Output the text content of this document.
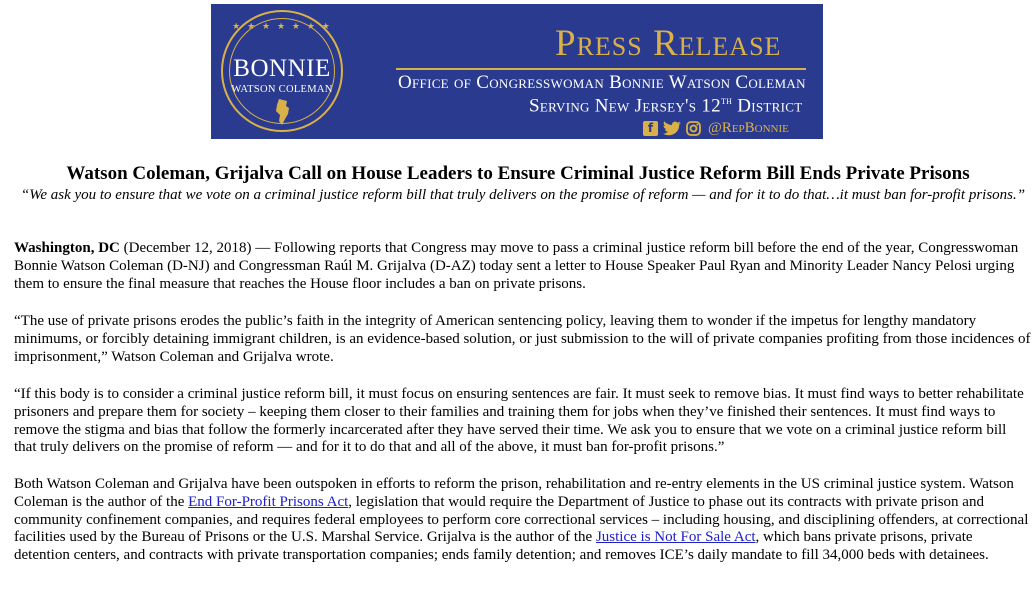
★ ★ ★ ★ ★ ★ ★
BONNIE
WATSON COLEMAN
Press Release
Office of Congresswoman Bonnie Watson Coleman
Serving New Jersey's 12th District
f	@RepBonnie
Watson Coleman, Grijalva Call on House Leaders to Ensure Criminal Justice Reform Bill Ends Private Prisons
“We ask you to ensure that we vote on a criminal justice reform bill that truly delivers on the promise of reform — and for it to do that…it must ban for-profit prisons.”

Washington, DC (December 12, 2018) — Following reports that Congress may move to pass a criminal justice reform bill before the end of the year, Congresswoman Bonnie Watson Coleman (D-NJ) and Congressman Raúl M. Grijalva (D-AZ) today sent a letter to House Speaker Paul Ryan and Minority Leader Nancy Pelosi urging them to ensure the final measure that reaches the House floor includes a ban on private prisons.

“The use of private prisons erodes the public’s faith in the integrity of American sentencing policy, leaving them to wonder if the impetus for lengthy mandatory minimums, or forcibly detaining immigrant children, is an evidence-based solution, or just submission to the will of private companies profiting from those incidences of imprisonment,” Watson Coleman and Grijalva wrote.

“If this body is to consider a criminal justice reform bill, it must focus on ensuring sentences are fair. It must seek to remove bias. It must find ways to better rehabilitate prisoners and prepare them for society – keeping them closer to their families and training them for jobs when they’ve finished their sentences. It must find ways to remove the stigma and bias that follow the formerly incarcerated after they have served their time. We ask you to ensure that we vote on a criminal justice reform bill that truly delivers on the promise of reform — and for it to do that and all of the above, it must ban for-profit prisons.”

Both Watson Coleman and Grijalva have been outspoken in efforts to reform the prison, rehabilitation and re-entry elements in the US criminal justice system. Watson Coleman is the author of the End For-Profit Prisons Act, legislation that would require the Department of Justice to phase out its contracts with private prison and community confinement companies, and requires federal employees to perform core correctional services – including housing, and disciplining offenders, at correctional facilities used by the Bureau of Prisons or the U.S. Marshal Service. Grijalva is the author of the Justice is Not For Sale Act, which bans private prisons, private detention centers, and contracts with private transportation companies; ends family detention; and removes ICE’s daily mandate to fill 34,000 beds with detainees.
